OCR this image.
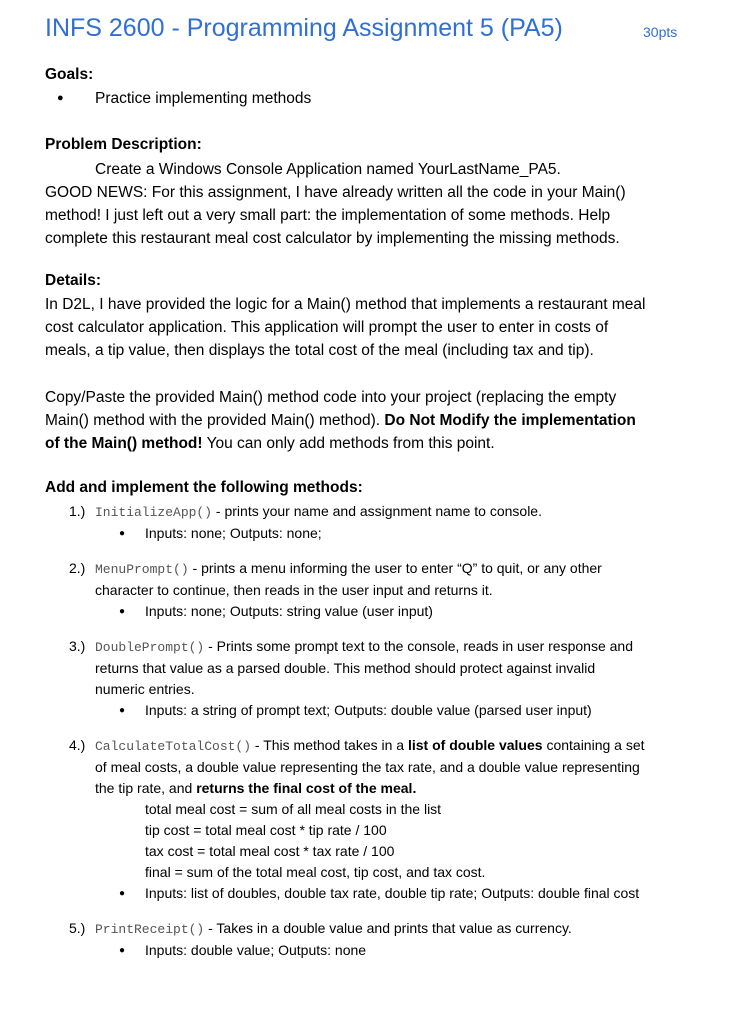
INFS 2600 - Programming Assignment 5 (PA5)	30pts
Goals:
● Practice implementing methods
Problem Description:
Create a Windows Console Application named YourLastName_PA5.
GOOD NEWS: For this assignment, I have already written all the code in your Main()
method! I just left out a very small part: the implementation of some methods. Help
complete this restaurant meal cost calculator by implementing the missing methods.
Details:
In D2L, I have provided the logic for a Main() method that implements a restaurant meal
cost calculator application. This application will prompt the user to enter in costs of
meals, a tip value, then displays the total cost of the meal (including tax and tip).
Copy/Paste the provided Main() method code into your project (replacing the empty
Main() method with the provided Main() method). Do Not Modify the implementation
of the Main() method! You can only add methods from this point.
Add and implement the following methods:
1.) InitializeApp() - prints your name and assignment name to console.
● Inputs: none; Outputs: none;
2.) MenuPrompt() - prints a menu informing the user to enter “Q” to quit, or any other
character to continue, then reads in the user input and returns it.
● Inputs: none; Outputs: string value (user input)
3.) DoublePrompt() - Prints some prompt text to the console, reads in user response and
returns that value as a parsed double. This method should protect against invalid
numeric entries.
● Inputs: a string of prompt text; Outputs: double value (parsed user input)
4.) CalculateTotalCost() - This method takes in a list of double values containing a set
of meal costs, a double value representing the tax rate, and a double value representing
the tip rate, and returns the final cost of the meal.
total meal cost = sum of all meal costs in the list
tip cost = total meal cost * tip rate / 100
tax cost = total meal cost * tax rate / 100
final = sum of the total meal cost, tip cost, and tax cost.
● Inputs: list of doubles, double tax rate, double tip rate; Outputs: double final cost
5.) PrintReceipt() - Takes in a double value and prints that value as currency.
● Inputs: double value; Outputs: none
